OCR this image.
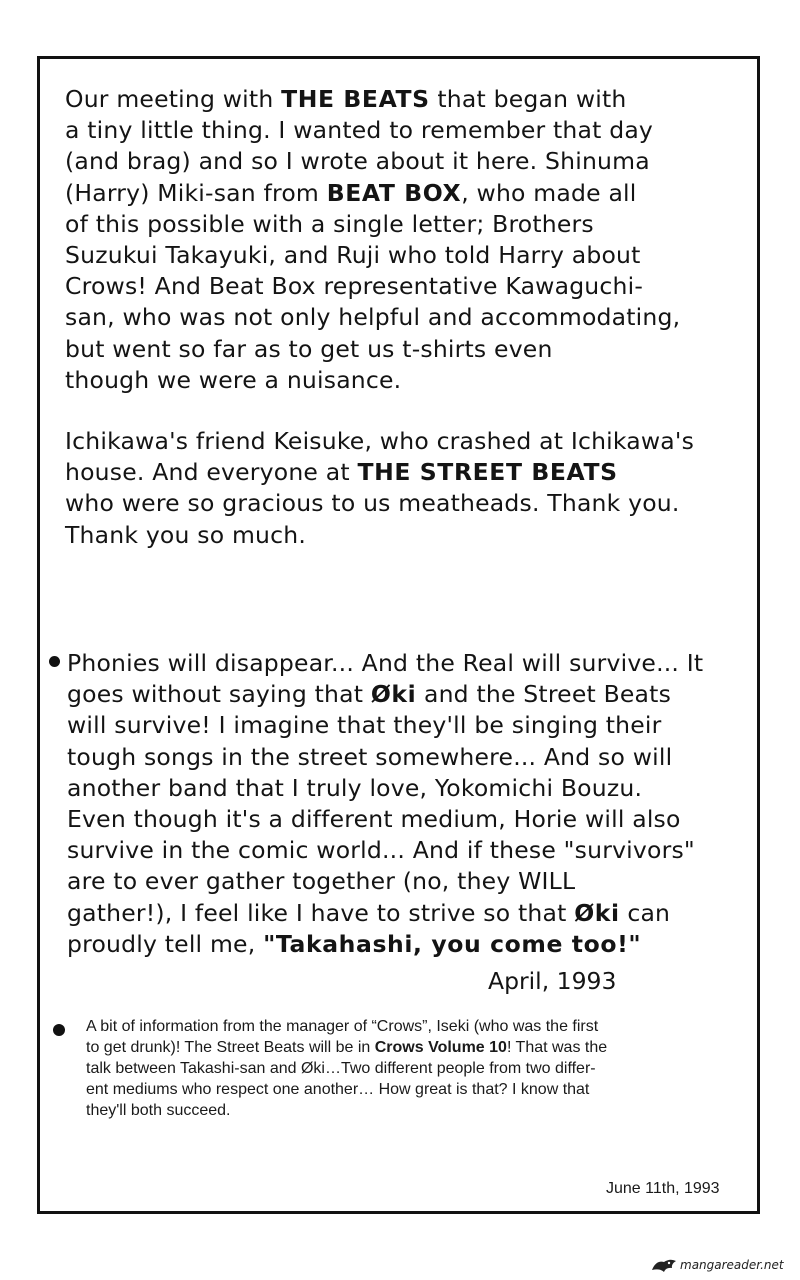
Our meeting with THE BEATS that began with
a tiny little thing. I wanted to remember that day
(and brag) and so I wrote about it here. Shinuma
(Harry) Miki-san from BEAT BOX, who made all
of this possible with a single letter; Brothers
Suzukui Takayuki, and Ruji who told Harry about
Crows! And Beat Box representative Kawaguchi-
san, who was not only helpful and accommodating,
but went so far as to get us t-shirts even
though we were a nuisance.
Ichikawa's friend Keisuke, who crashed at Ichikawa's
house. And everyone at THE STREET BEATS
who were so gracious to us meatheads. Thank you.
Thank you so much.
Phonies will disappear... And the Real will survive... It
goes without saying that Øki and the Street Beats
will survive! I imagine that they'll be singing their
tough songs in the street somewhere... And so will
another band that I truly love, Yokomichi Bouzu.
Even though it's a different medium, Horie will also
survive in the comic world... And if these "survivors"
are to ever gather together (no, they WILL
gather!), I feel like I have to strive so that Øki can
proudly tell me, "Takahashi, you come too!"
April, 1993
A bit of information from the manager of “Crows”, Iseki (who was the first
to get drunk)! The Street Beats will be in Crows Volume 10! That was the
talk between Takashi-san and Øki…Two different people from two differ-
ent mediums who respect one another… How great is that? I know that
they'll both succeed.
June 11th, 1993
mangareader.net
